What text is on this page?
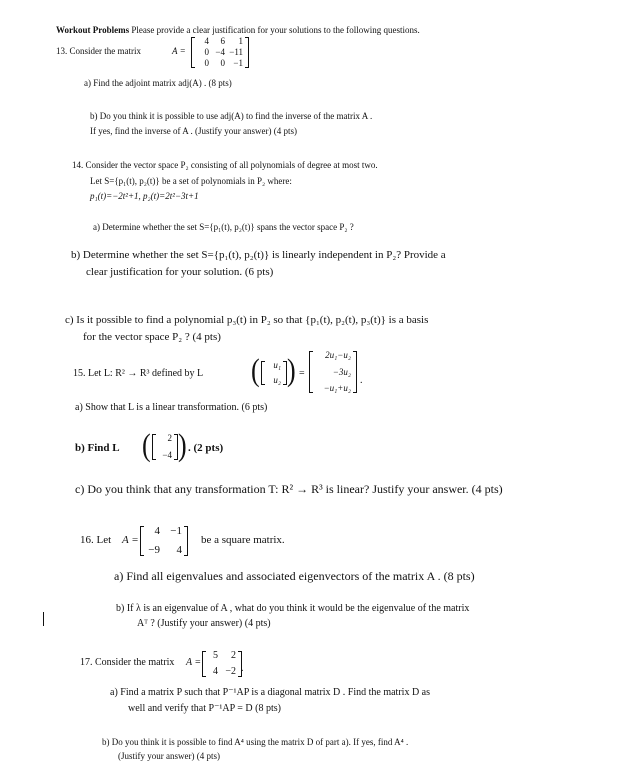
Workout Problems Please provide a clear justification for your solutions to the following questions.
13. Consider the matrix	A =
4	6	1
0 −4 −11
0	0 −1
a) Find the adjoint matrix adj(A) . (8 pts)
b) Do you think it is possible to use adj(A) to find the inverse of the matrix A .
If yes, find the inverse of A . (Justify your answer) (4 pts)
14. Consider the vector space P₂ consisting of all polynomials of degree at most two.
Let S={p₁(t), p₂(t)} be a set of polynomials in P₂ where:
p₁(t)=−2t²+1, p₂(t)=2t²−3t+1
a) Determine whether the set S={p₁(t), p₂(t)} spans the vector space P₂ ?
b) Determine whether the set S={p₁(t), p₂(t)} is linearly independent in P₂? Provide a
clear justification for your solution. (6 pts)
c) Is it possible to find a polynomial p₃(t) in P₂ so that {p₁(t), p₂(t), p₃(t)} is a basis
for the vector space P₂ ? (4 pts)
15. Let L: R² → R³ defined by L (	u₁
u₂ ) =
2u₁−u₂
−3u₂
−u₁+u₂
.
a) Show that L is a linear transformation. (6 pts)
b) Find L (	2
−4 ) . (2 pts)
c) Do you think that any transformation T: R² → R³ is linear? Justify your answer. (4 pts)
16. Let A =
4 −1
−9	4
be a square matrix.
a) Find all eigenvalues and associated eigenvectors of the matrix A . (8 pts)
b) If λ is an eigenvalue of A , what do you think it would be the eigenvalue of the matrix
Aᵀ ? (Justify your answer) (4 pts)
17. Consider the matrix A =
5	2
4 −2 .
a) Find a matrix P such that P⁻¹AP is a diagonal matrix D . Find the matrix D as
well and verify that P⁻¹AP = D (8 pts)
b) Do you think it is possible to find A⁴ using the matrix D of part a). If yes, find A⁴ .
(Justify your answer) (4 pts)
